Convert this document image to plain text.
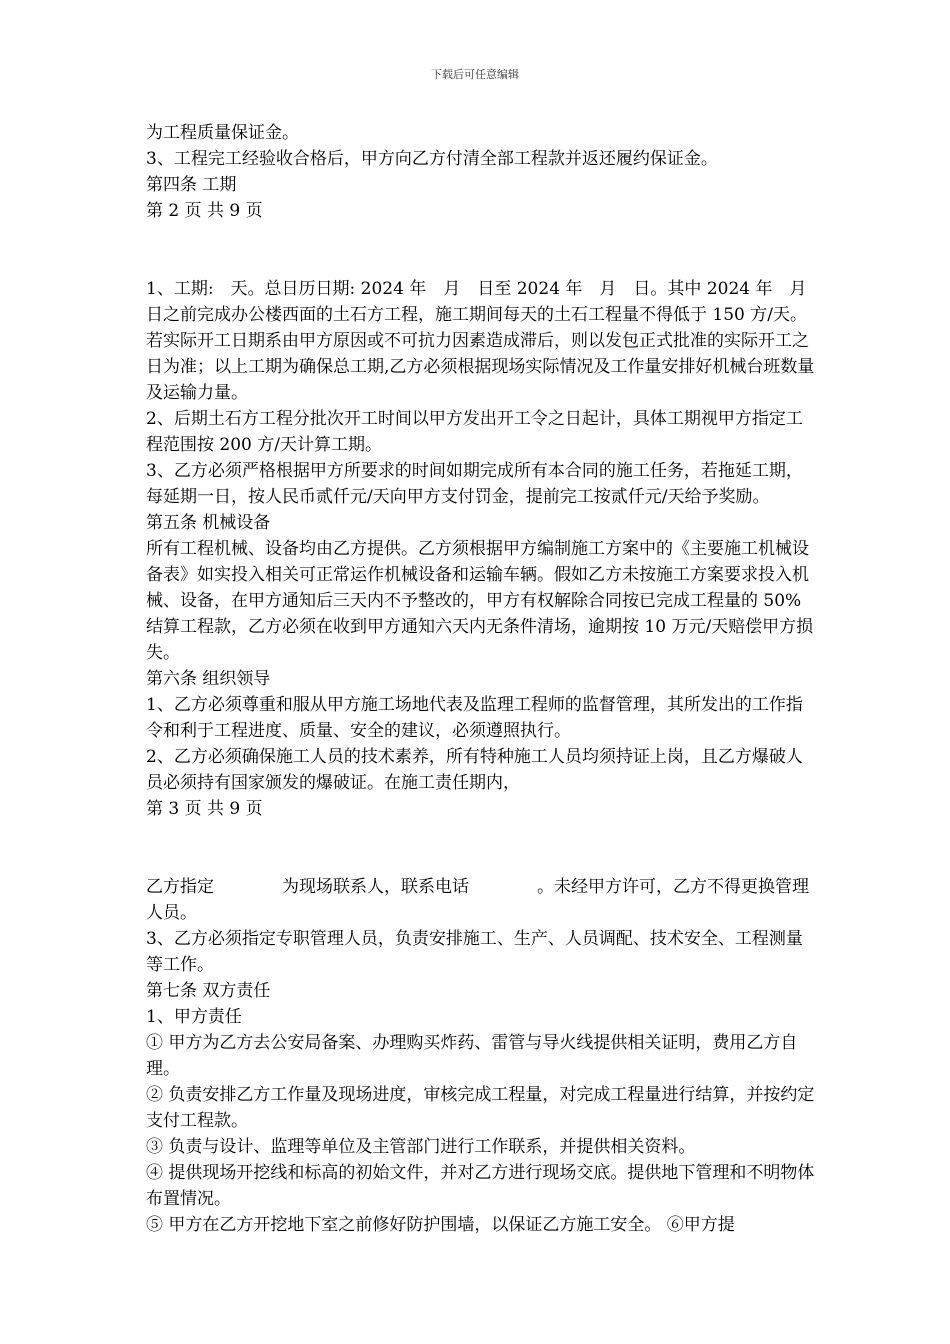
下载后可任意编辑

为工程质量保证金。

3、工程完工经验收合格后，甲方向乙方付清全部工程款并返还履约保证金。

第四条 工期

第 2 页 共 9 页

1、工期:　天。总日历日期: 2024 年　月　日至 2024 年　月　日。其中 2024 年　月日之前完成办公楼西面的土石方工程，施工期间每天的土石工程量不得低于 150 方/天。若实际开工日期系由甲方原因或不可抗力因素造成滞后，则以发包正式批准的实际开工之日为准；以上工期为确保总工期,乙方必须根据现场实际情况及工作量安排好机械台班数量及运输力量。

2、后期土石方工程分批次开工时间以甲方发出开工令之日起计，具体工期视甲方指定工程范围按 200 方/天计算工期。

3、乙方必须严格根据甲方所要求的时间如期完成所有本合同的施工任务，若拖延工期，每延期一日，按人民币贰仟元/天向甲方支付罚金，提前完工按贰仟元/天给予奖励。

第五条 机械设备

所有工程机械、设备均由乙方提供。乙方须根据甲方编制施工方案中的《主要施工机械设备表》如实投入相关可正常运作机械设备和运输车辆。假如乙方未按施工方案要求投入机械、设备，在甲方通知后三天内不予整改的，甲方有权解除合同按已完成工程量的 50%结算工程款，乙方必须在收到甲方通知六天内无条件清场，逾期按 10 万元/天赔偿甲方损失。

第六条 组织领导

1、乙方必须尊重和服从甲方施工场地代表及监理工程师的监督管理，其所发出的工作指令和利于工程进度、质量、安全的建议，必须遵照执行。

2、乙方必须确保施工人员的技术素养，所有特种施工人员均须持证上岗，且乙方爆破人员必须持有国家颁发的爆破证。在施工责任期内，

第 3 页 共 9 页

乙方指定　　　　为现场联系人，联系电话　　　　。未经甲方许可，乙方不得更换管理人员。

3、乙方必须指定专职管理人员，负责安排施工、生产、人员调配、技术安全、工程测量等工作。

第七条 双方责任

1、甲方责任

① 甲方为乙方去公安局备案、办理购买炸药、雷管与导火线提供相关证明，费用乙方自理。

② 负责安排乙方工作量及现场进度，审核完成工程量，对完成工程量进行结算，并按约定支付工程款。

③ 负责与设计、监理等单位及主管部门进行工作联系，并提供相关资料。

④ 提供现场开挖线和标高的初始文件，并对乙方进行现场交底。提供地下管理和不明物体布置情况。

⑤ 甲方在乙方开挖地下室之前修好防护围墙，以保证乙方施工安全。 ⑥甲方提
